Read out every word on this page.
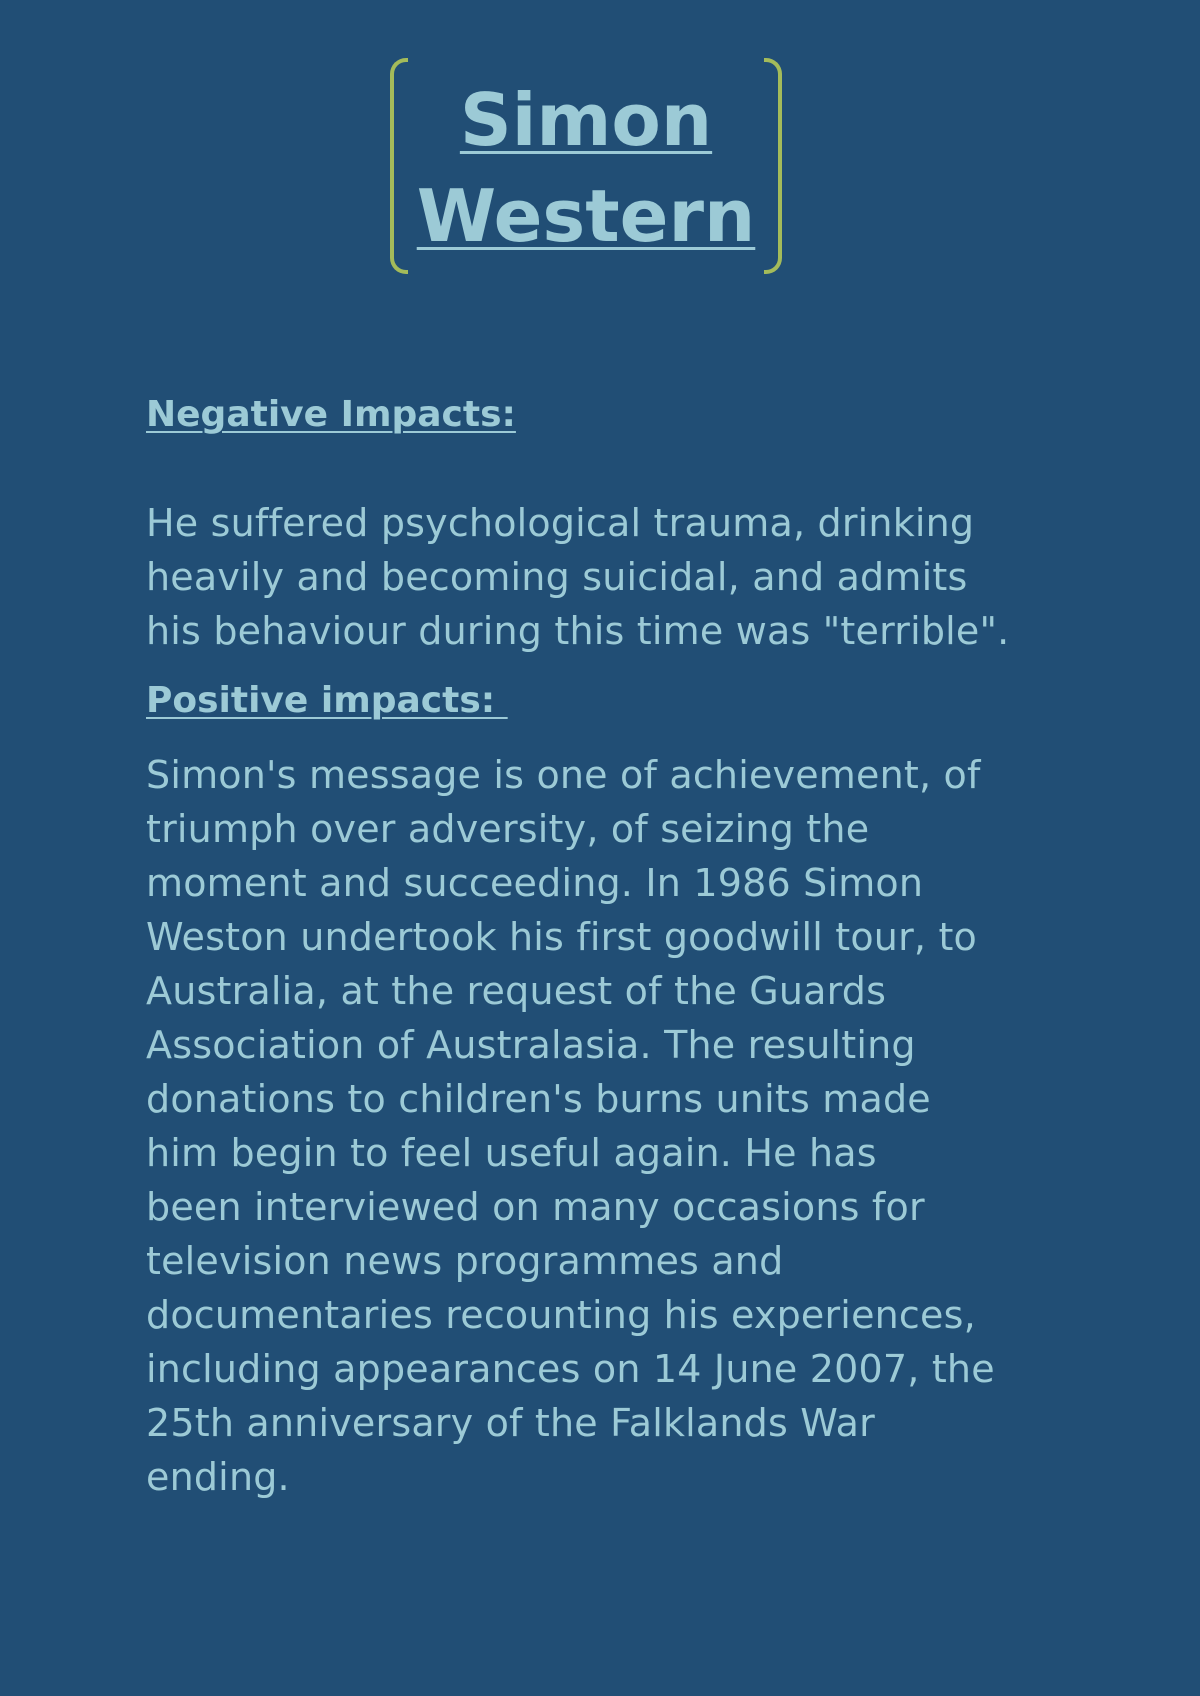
Simon
Western

Negative Impacts:

He suffered psychological trauma, drinking
heavily and becoming suicidal, and admits
his behaviour during this time was "terrible".

Positive impacts:

Simon's message is one of achievement, of
triumph over adversity, of seizing the
moment and succeeding. In 1986 Simon
Weston undertook his first goodwill tour, to
Australia, at the request of the Guards
Association of Australasia. The resulting
donations to children's burns units made
him begin to feel useful again. He has
been interviewed on many occasions for
television news programmes and
documentaries recounting his experiences,
including appearances on 14 June 2007, the
25th anniversary of the Falklands War
ending.
